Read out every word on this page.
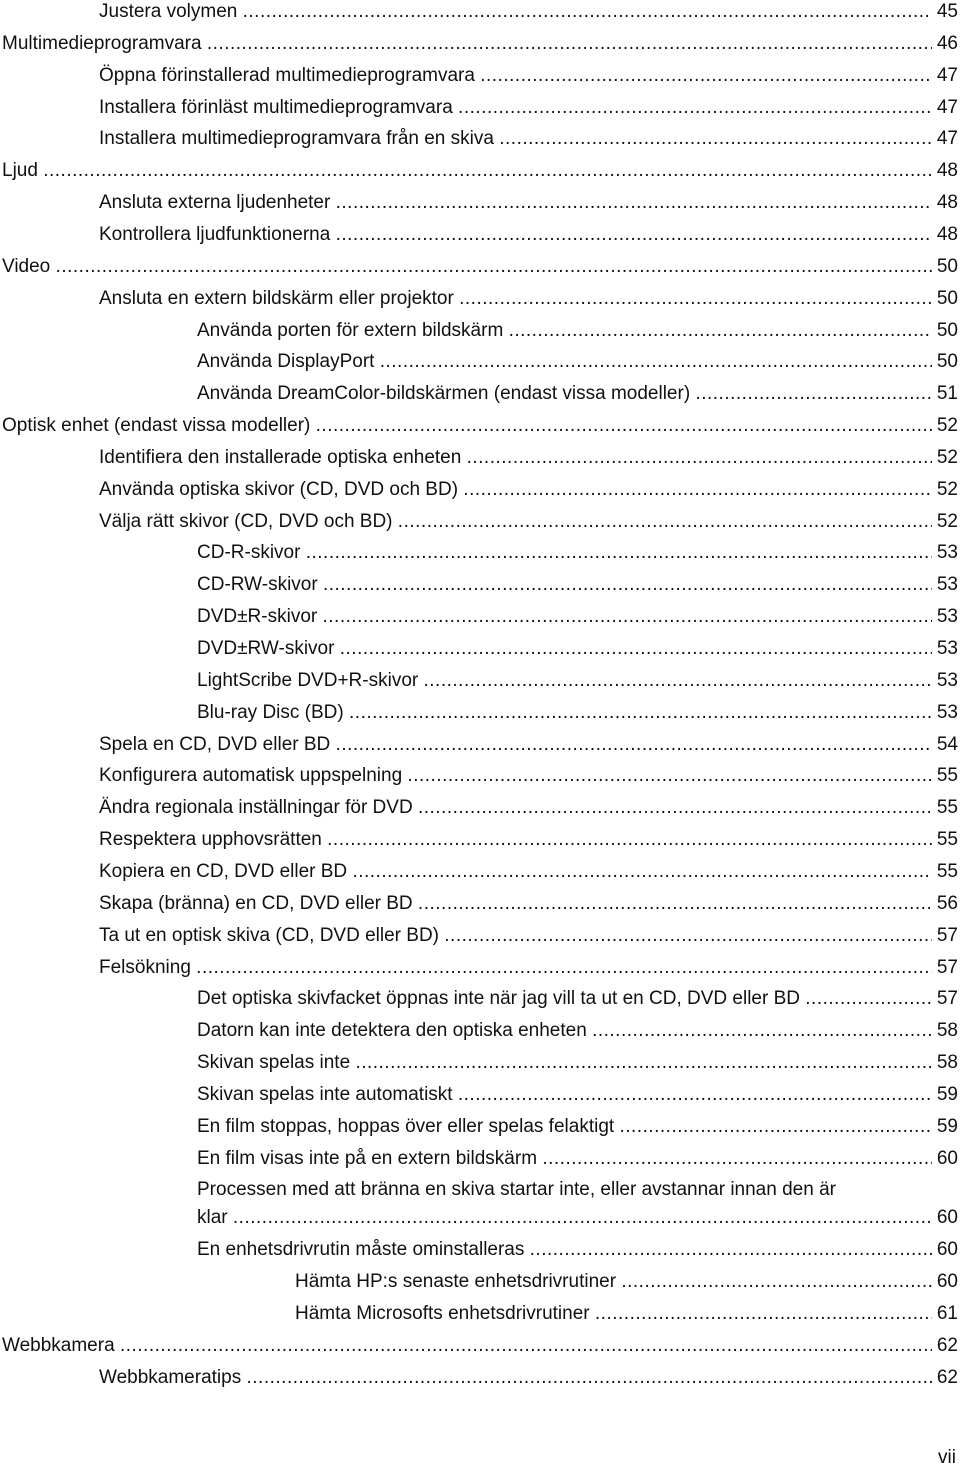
Justera volymen .....	45
Multimedieprogramvara .....	46
Öppna förinstallerad multimedieprogramvara .....	47
Installera förinläst multimedieprogramvara .....	47
Installera multimedieprogramvara från en skiva .....	47
Ljud .....	48
Ansluta externa ljudenheter .....	48
Kontrollera ljudfunktionerna .....	48
Video .....	50
Ansluta en extern bildskärm eller projektor .....	50
Använda porten för extern bildskärm .....	50
Använda DisplayPort .....	50
Använda DreamColor-bildskärmen (endast vissa modeller) .....	51
Optisk enhet (endast vissa modeller) .....	52
Identifiera den installerade optiska enheten .....	52
Använda optiska skivor (CD, DVD och BD) .....	52
Välja rätt skivor (CD, DVD och BD) .....	52
CD-R-skivor .....	53
CD-RW-skivor .....	53
DVD±R-skivor .....	53
DVD±RW-skivor .....	53
LightScribe DVD+R-skivor .....	53
Blu-ray Disc (BD) .....	53
Spela en CD, DVD eller BD .....	54
Konfigurera automatisk uppspelning .....	55
Ändra regionala inställningar för DVD .....	55
Respektera upphovsrätten .....	55
Kopiera en CD, DVD eller BD .....	55
Skapa (bränna) en CD, DVD eller BD .....	56
Ta ut en optisk skiva (CD, DVD eller BD) .....	57
Felsökning .....	57
Det optiska skivfacket öppnas inte när jag vill ta ut en CD, DVD eller BD .....	57
Datorn kan inte detektera den optiska enheten .....	58
Skivan spelas inte .....	58
Skivan spelas inte automatiskt .....	59
En film stoppas, hoppas över eller spelas felaktigt .....	59
En film visas inte på en extern bildskärm .....	60
Processen med att bränna en skiva startar inte, eller avstannar innan den är
klar .....	60
En enhetsdrivrutin måste ominstalleras .....	60
Hämta HP:s senaste enhetsdrivrutiner .....	60
Hämta Microsofts enhetsdrivrutiner .....	61
Webbkamera .....	62
Webbkameratips .....	62
vii
